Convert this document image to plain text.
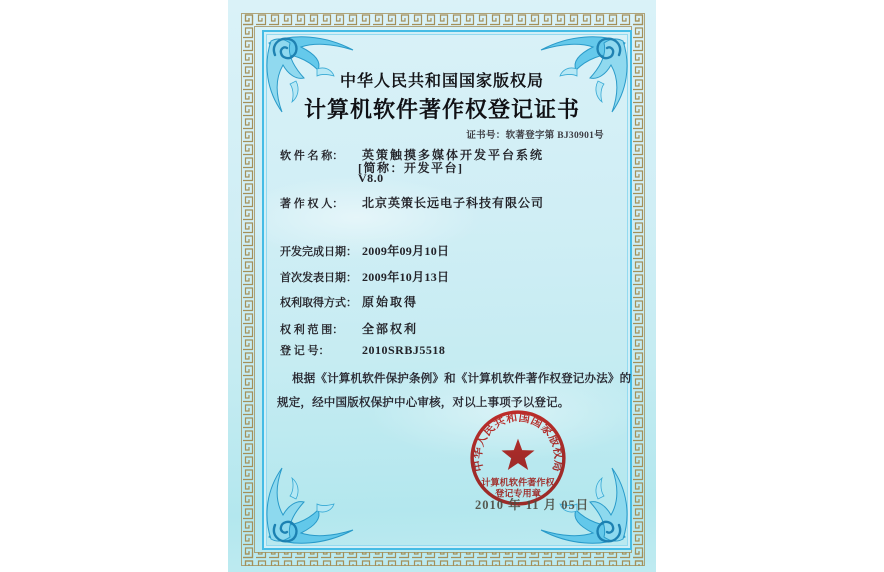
中华人民共和国国家版权局
计算机软件著作权登记证书
证书号：软著登字第 BJ30901号
软 件 名 称： 英策触摸多媒体开发平台系统
[简称：开发平台]
V8.0
著 作 权 人： 北京英策长远电子科技有限公司
开发完成日期： 2009年09月10日
首次发表日期： 2009年10月13日
权利取得方式： 原始取得
权 利 范 围： 全部权利
登 记 号：	2010SRBJ5518
根据《计算机软件保护条例》和《计算机软件著作权登记办法》的
规定，经中国版权保护中心审核，对以上事项予以登记。
2010 年 11 月 05日
中华人民共和国国家版权局
计算机软件著作权
登记专用章
